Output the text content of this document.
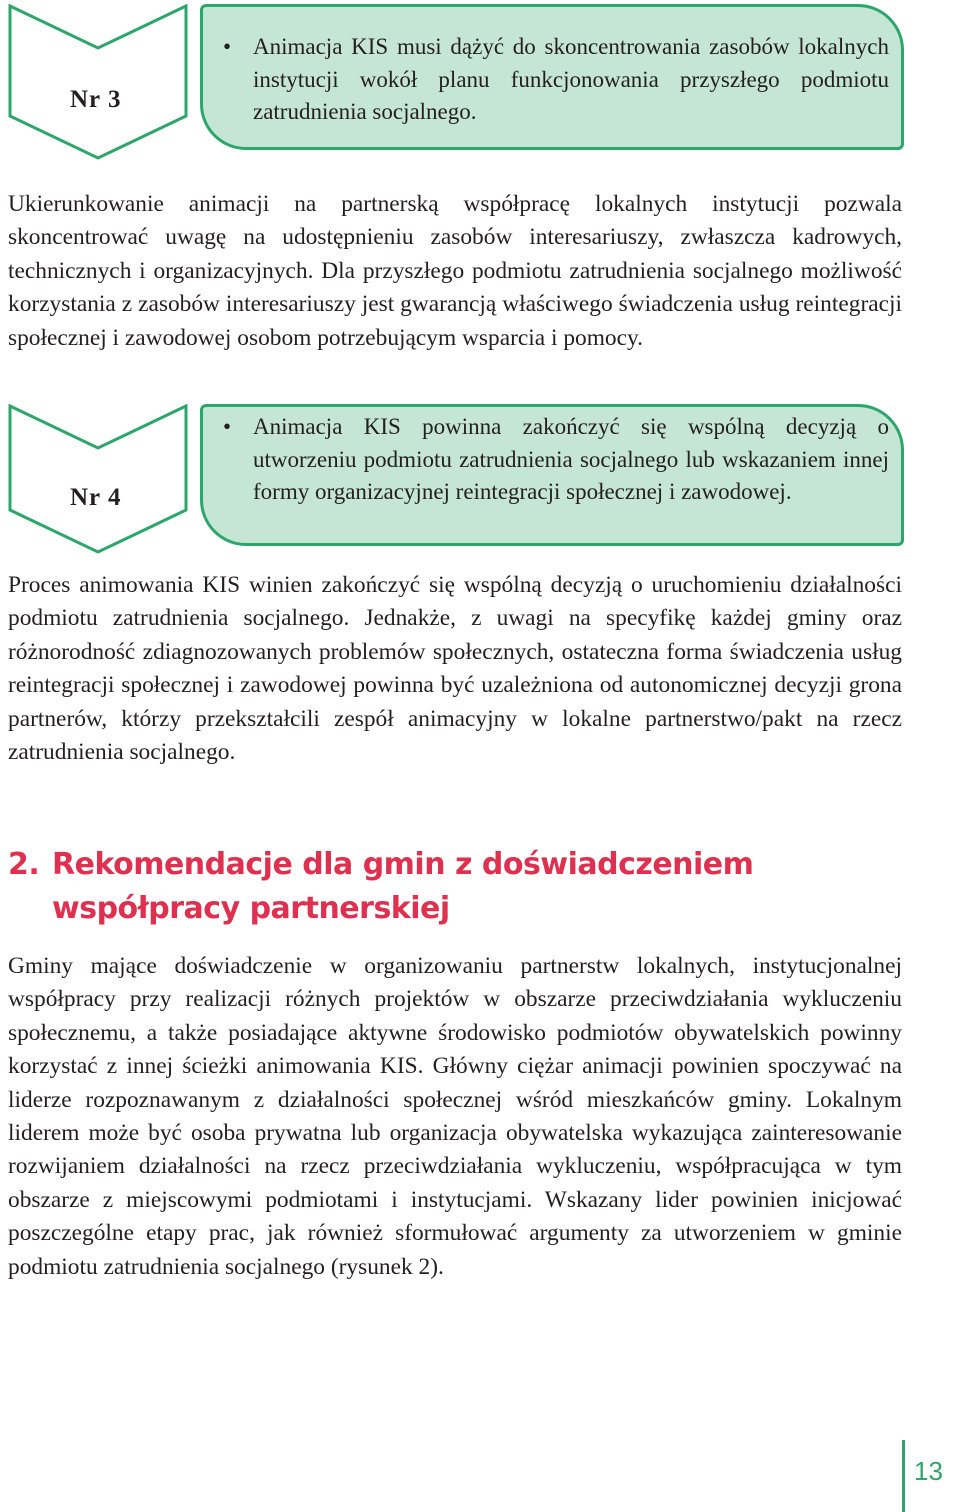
Nr 3
• Animacja KIS musi dążyć do skoncentrowania zasobów lokalnych instytucji wokół planu funkcjonowania przyszłego podmiotu zatrudnienia socjalnego.

Ukierunkowanie animacji na partnerską współpracę lokalnych instytucji pozwala skoncentrować uwagę na udostępnieniu zasobów interesariuszy, zwłaszcza kadrowych, technicznych i organizacyjnych. Dla przyszłego podmiotu zatrudnienia socjalnego możliwość korzystania z zasobów interesariuszy jest gwarancją właściwego świadczenia usług reintegracji społecznej i zawodowej osobom potrzebującym wsparcia i pomocy.

Nr 4
• Animacja KIS powinna zakończyć się wspólną decyzją o utworzeniu podmiotu zatrudnienia socjalnego lub wskazaniem innej formy organizacyjnej reintegracji społecznej i zawodowej.

Proces animowania KIS winien zakończyć się wspólną decyzją o uruchomieniu działalności podmiotu zatrudnienia socjalnego. Jednakże, z uwagi na specyfikę każdej gminy oraz różnorodność zdiagnozowanych problemów społecznych, ostateczna forma świadczenia usług reintegracji społecznej i zawodowej powinna być uzależniona od autonomicznej decyzji grona partnerów, którzy przekształcili zespół animacyjny w lokalne partnerstwo/pakt na rzecz zatrudnienia socjalnego.

2. Rekomendacje dla gmin z doświadczeniem współpracy partnerskiej

Gminy mające doświadczenie w organizowaniu partnerstw lokalnych, instytucjonalnej współpracy przy realizacji różnych projektów w obszarze przeciwdziałania wykluczeniu społecznemu, a także posiadające aktywne środowisko podmiotów obywatelskich powinny korzystać z innej ścieżki animowania KIS. Główny ciężar animacji powinien spoczywać na liderze rozpoznawanym z działalności społecznej wśród mieszkańców gminy. Lokalnym liderem może być osoba prywatna lub organizacja obywatelska wykazująca zainteresowanie rozwijaniem działalności na rzecz przeciwdziałania wykluczeniu, współpracująca w tym obszarze z miejscowymi podmiotami i instytucjami. Wskazany lider powinien inicjować poszczególne etapy prac, jak również sformułować argumenty za utworzeniem w gminie podmiotu zatrudnienia socjalnego (rysunek 2).

13
